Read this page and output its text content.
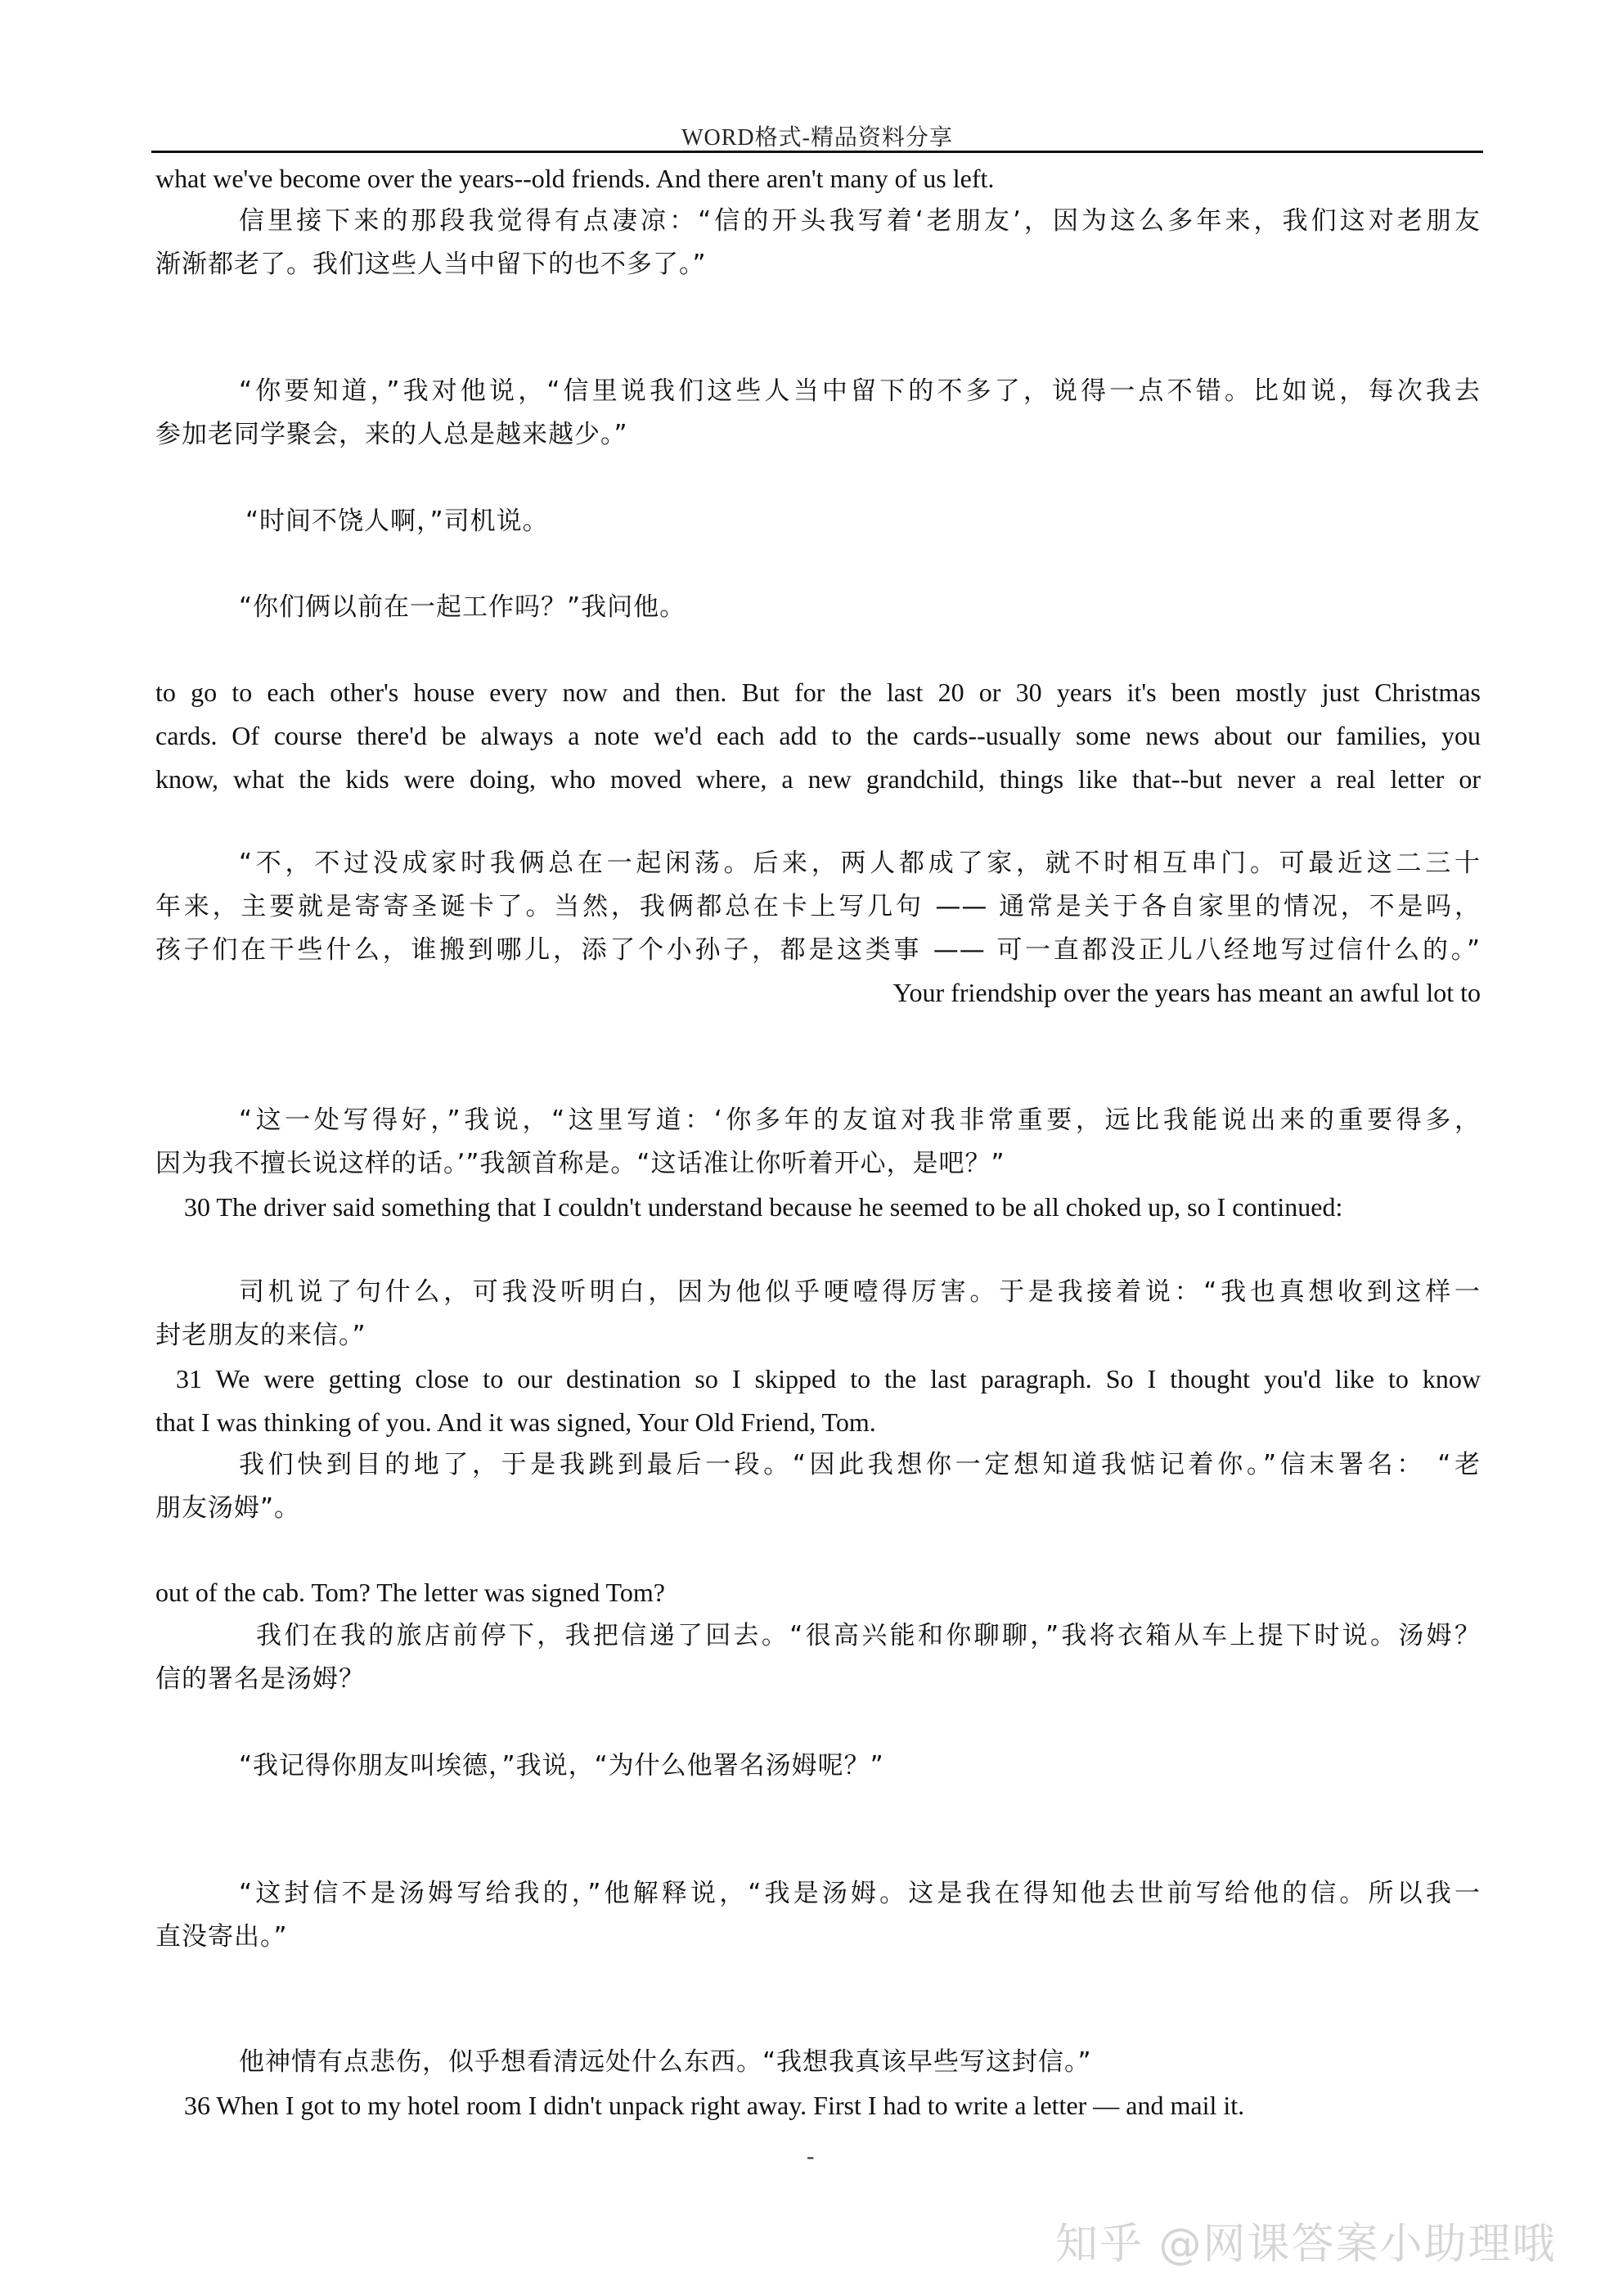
WORD格式-精品资料分享
what we've become over the years--old friends. And there aren't many of us left.
信里接下来的那段我觉得有点凄凉：“信的开头我写着‘老朋友’，因为这么多年来，我们这对老朋友
渐渐都老了。我们这些人当中留下的也不多了。”
“你要知道，”我对他说，“信里说我们这些人当中留下的不多了，说得一点不错。比如说，每次我去
参加老同学聚会，来的人总是越来越少。”
“时间不饶人啊，”司机说。
“你们俩以前在一起工作吗？”我问他。
to go to each other's house every now and then. But for the last 20 or 30 years it's been mostly just Christmas
cards. Of course there'd be always a note we'd each add to the cards--usually some news about our families, you
know, what the kids were doing, who moved where, a new grandchild, things like that--but never a real letter or
“不，不过没成家时我俩总在一起闲荡。后来，两人都成了家，就不时相互串门。可最近这二三十
年来，主要就是寄寄圣诞卡了。当然，我俩都总在卡上写几句 —— 通常是关于各自家里的情况，不是吗，
孩子们在干些什么，谁搬到哪儿，添了个小孙子，都是这类事 —— 可一直都没正儿八经地写过信什么的。”
Your friendship over the years has meant an awful lot to
“这一处写得好，”我说，“这里写道：‘你多年的友谊对我非常重要，远比我能说出来的重要得多，
因为我不擅长说这样的话。’”我颔首称是。“这话准让你听着开心，是吧？”
30 The driver said something that I couldn't understand because he seemed to be all choked up, so I continued:
司机说了句什么，可我没听明白，因为他似乎哽噎得厉害。于是我接着说：“我也真想收到这样一
封老朋友的来信。”
31 We were getting close to our destination so I skipped to the last paragraph. So I thought you'd like to know
that I was thinking of you. And it was signed, Your Old Friend, Tom.
我们快到目的地了，于是我跳到最后一段。“因此我想你一定想知道我惦记着你。”信末署名： “老
朋友汤姆”。
out of the cab. Tom? The letter was signed Tom?
我们在我的旅店前停下，我把信递了回去。“很高兴能和你聊聊，”我将衣箱从车上提下时说。汤姆？
信的署名是汤姆？
“我记得你朋友叫埃德，”我说，“为什么他署名汤姆呢？”
“这封信不是汤姆写给我的，”他解释说，“我是汤姆。这是我在得知他去世前写给他的信。所以我一
直没寄出。”
他神情有点悲伤，似乎想看清远处什么东西。“我想我真该早些写这封信。”
36 When I got to my hotel room I didn't unpack right away. First I had to write a letter — and mail it.
-
知乎 @网课答案小助理哦
